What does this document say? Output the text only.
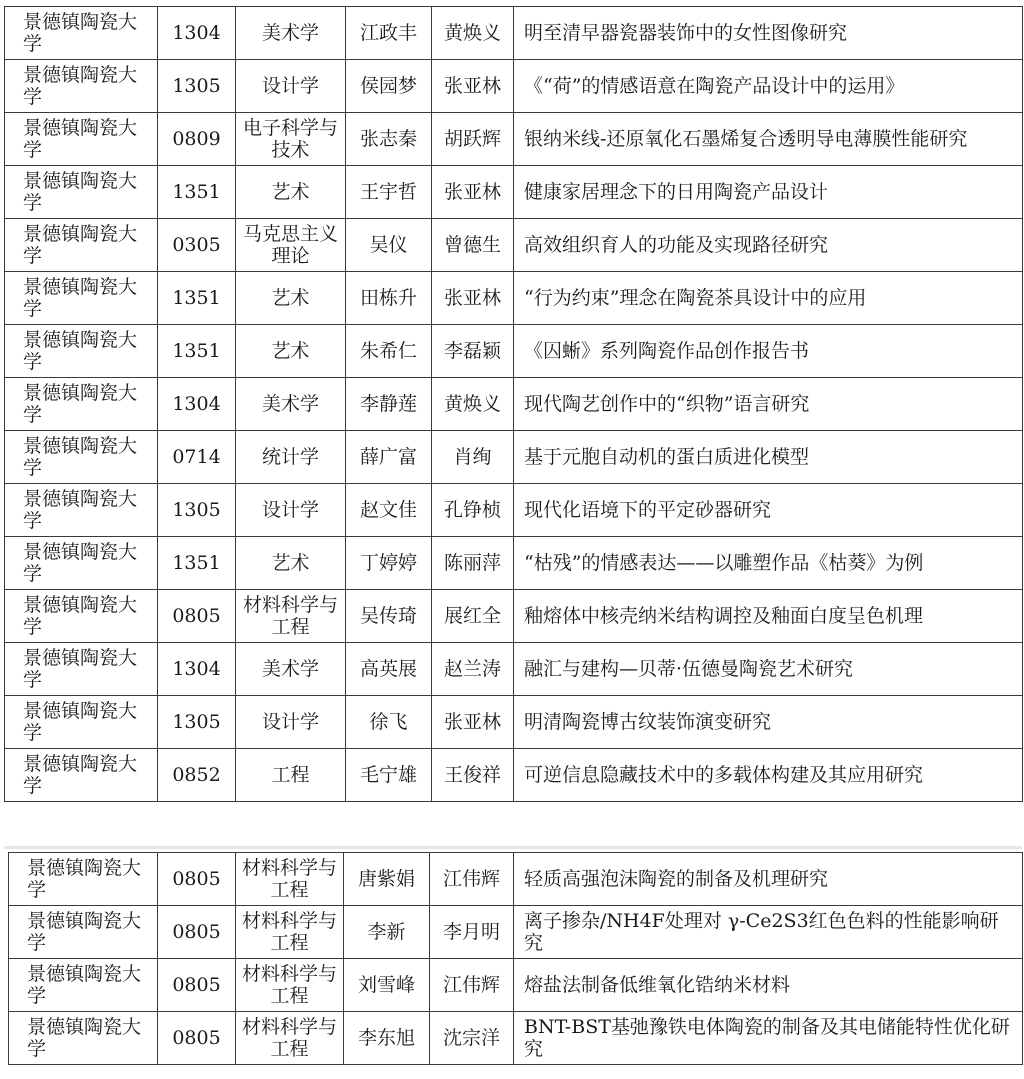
景德镇陶瓷大学	1304	美术学	江政丰	黄焕义	明至清早器瓷器装饰中的女性图像研究
景德镇陶瓷大学	1305	设计学	侯园梦	张亚林	《“荷”的情感语意在陶瓷产品设计中的运用》
景德镇陶瓷大学	0809	电子科学与技术	张志秦	胡跃辉	银纳米线-还原氧化石墨烯复合透明导电薄膜性能研究
景德镇陶瓷大学	1351	艺术	王宇哲	张亚林	健康家居理念下的日用陶瓷产品设计
景德镇陶瓷大学	0305	马克思主义理论	吴仪	曾德生	高效组织育人的功能及实现路径研究
景德镇陶瓷大学	1351	艺术	田栋升	张亚林	“行为约束”理念在陶瓷茶具设计中的应用
景德镇陶瓷大学	1351	艺术	朱希仁	李磊颖	《囚蜥》系列陶瓷作品创作报告书
景德镇陶瓷大学	1304	美术学	李静莲	黄焕义	现代陶艺创作中的“织物”语言研究
景德镇陶瓷大学	0714	统计学	薛广富	肖绚	基于元胞自动机的蛋白质进化模型
景德镇陶瓷大学	1305	设计学	赵文佳	孔铮桢	现代化语境下的平定砂器研究
景德镇陶瓷大学	1351	艺术	丁婷婷	陈丽萍	“枯残”的情感表达——以雕塑作品《枯葵》为例
景德镇陶瓷大学	0805	材料科学与工程	吴传琦	展红全	釉熔体中核壳纳米结构调控及釉面白度呈色机理
景德镇陶瓷大学	1304	美术学	高英展	赵兰涛	融汇与建构—贝蒂·伍德曼陶瓷艺术研究
景德镇陶瓷大学	1305	设计学	徐飞	张亚林	明清陶瓷博古纹装饰演变研究
景德镇陶瓷大学	0852	工程	毛宁雄	王俊祥	可逆信息隐藏技术中的多载体构建及其应用研究
景德镇陶瓷大学	0805	材料科学与工程	唐紫娟	江伟辉	轻质高强泡沫陶瓷的制备及机理研究
景德镇陶瓷大学	0805	材料科学与工程	李新	李月明	离子掺杂/NH4F处理对 γ-Ce2S3红色色料的性能影响研究
景德镇陶瓷大学	0805	材料科学与工程	刘雪峰	江伟辉	熔盐法制备低维氧化锆纳米材料
景德镇陶瓷大学	0805	材料科学与工程	李东旭	沈宗洋	BNT-BST基弛豫铁电体陶瓷的制备及其电储能特性优化研究
